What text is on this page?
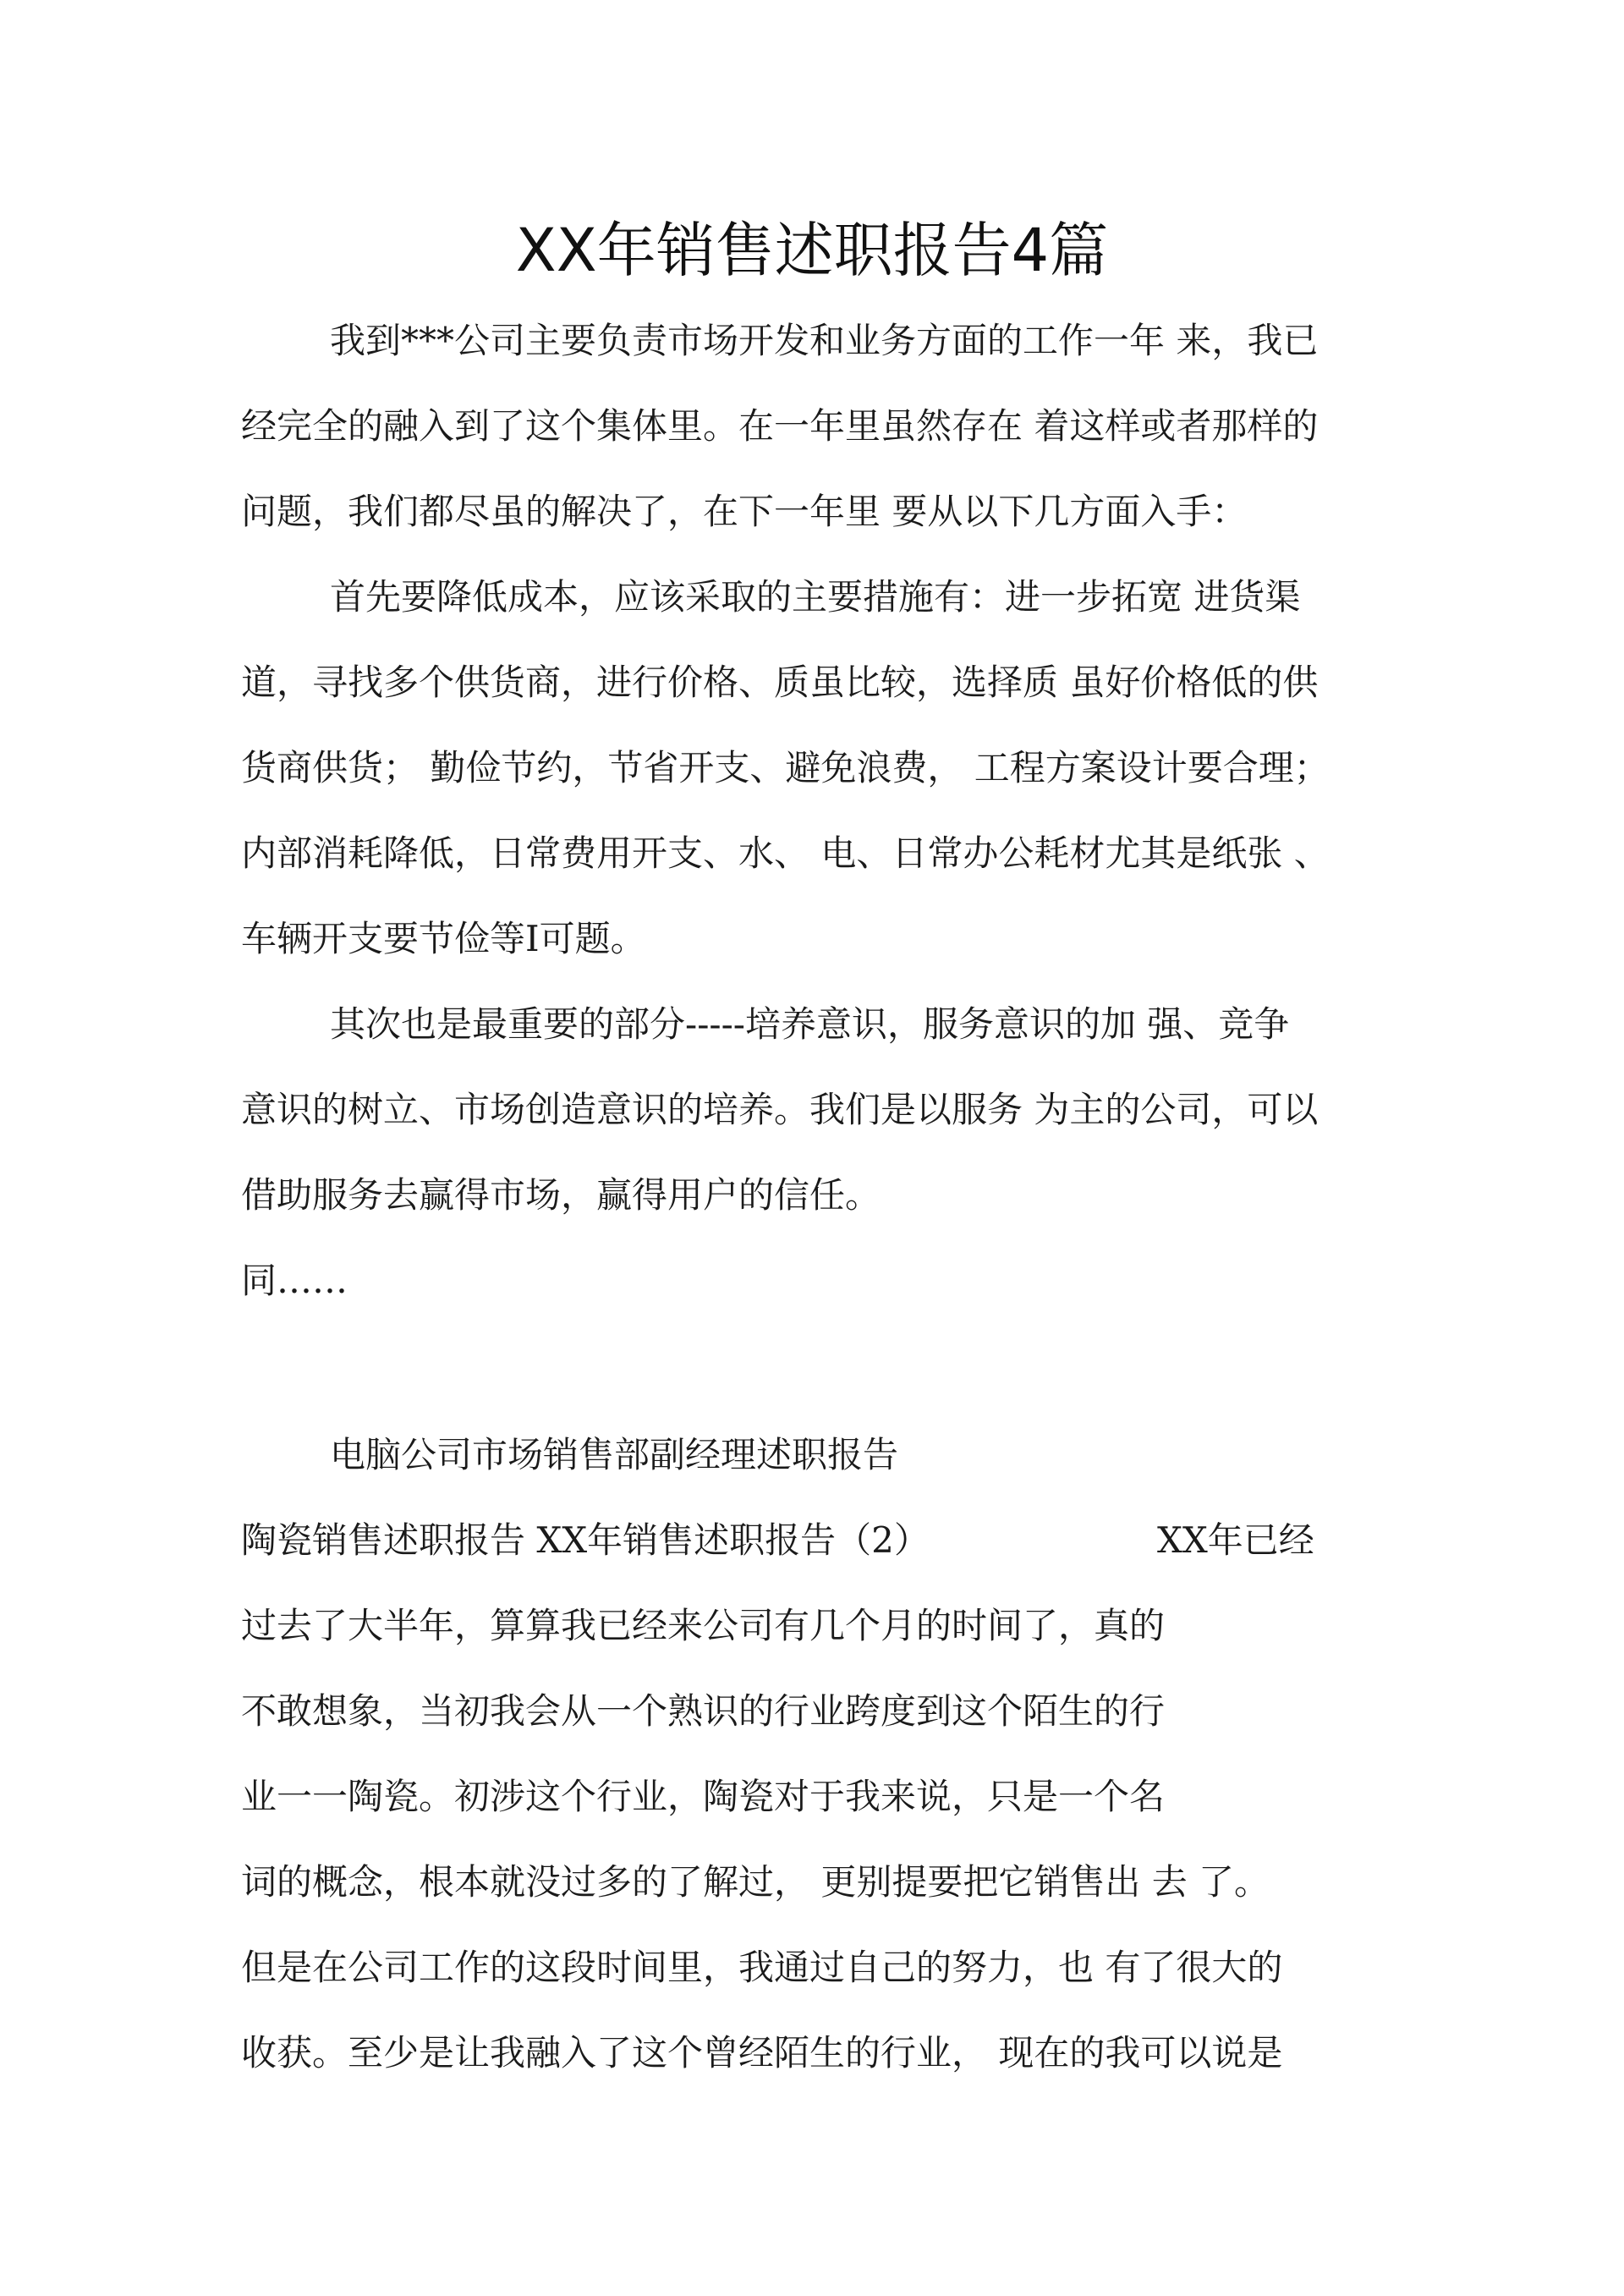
XX年销售述职报告4篇
我到***公司主要负责市场开发和业务方面的工作一年 来，我已
经完全的融入到了这个集体里。在一年里虽然存在 着这样或者那样的
问题，我们都尽虽的解决了，在下一年里 要从以下几方面入手：
首先要降低成本，应该采取的主要措施有：进一步拓宽 进货渠
道，寻找多个供货商，进行价格、质虽比较，选择质 虽好价格低的供
货商供货； 勤俭节约，节省开支、避免浪费， 工程方案设计要合理；
内部消耗降低，日常费用开支、水、 电、日常办公耗材尤其是纸张 、
车辆开支要节俭等I可题。
其次也是最重要的部分-----培养意识，服务意识的加 强、竞争
意识的树立、市场创造意识的培养。我们是以服务 为主的公司，可以
借助服务去赢得市场，赢得用户的信任。
同……
电脑公司市场销售部副经理述职报告
陶瓷销售述职报告 XX年销售述职报告（2）	XX年已经
过去了大半年，算算我已经来公司有几个月的时间了，真的
不敢想象，当初我会从一个熟识的行业跨度到这个陌生的行
业一一陶瓷。初涉这个行业，陶瓷对于我来说，只是一个名
词的概念，根本就没过多的了解过， 更别提要把它销售出 去 了。
但是在公司工作的这段时间里，我通过自己的努力，也 有了很大的
收获。至少是让我融入了这个曾经陌生的行业， 现在的我可以说是
